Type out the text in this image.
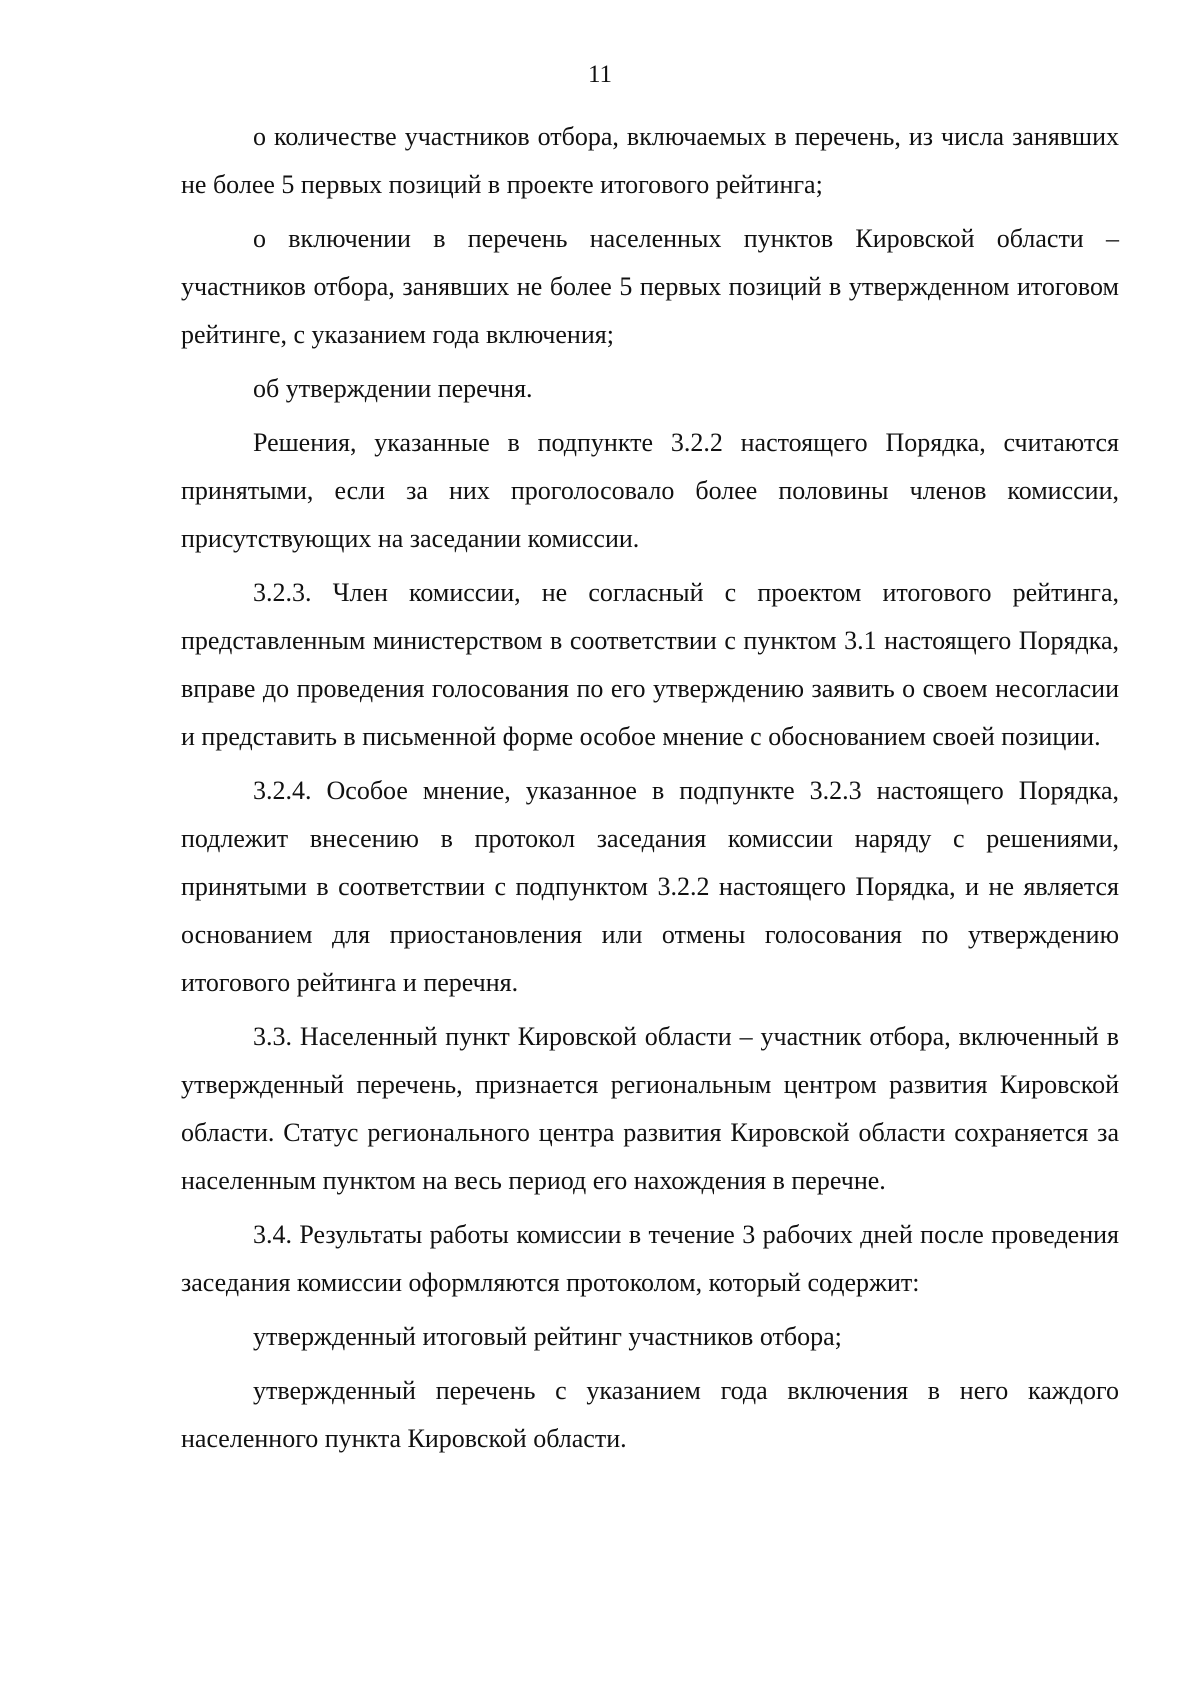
11

о количестве участников отбора, включаемых в перечень, из числа занявших не более 5 первых позиций в проекте итогового рейтинга;

о включении в перечень населенных пунктов Кировской области – участников отбора, занявших не более 5 первых позиций в утвержденном итоговом рейтинге, с указанием года включения;

об утверждении перечня.

Решения, указанные в подпункте 3.2.2 настоящего Порядка, считаются принятыми, если за них проголосовало более половины членов комиссии, присутствующих на заседании комиссии.

3.2.3. Член комиссии, не согласный с проектом итогового рейтинга, представленным министерством в соответствии с пунктом 3.1 настоящего Порядка, вправе до проведения голосования по его утверждению заявить о своем несогласии и представить в письменной форме особое мнение с обоснованием своей позиции.

3.2.4. Особое мнение, указанное в подпункте 3.2.3 настоящего Порядка, подлежит внесению в протокол заседания комиссии наряду с решениями, принятыми в соответствии с подпунктом 3.2.2 настоящего Порядка, и не является основанием для приостановления или отмены голосования по утверждению итогового рейтинга и перечня.

3.3. Населенный пункт Кировской области – участник отбора, включенный в утвержденный перечень, признается региональным центром развития Кировской области. Статус регионального центра развития Кировской области сохраняется за населенным пунктом на весь период его нахождения в перечне.

3.4. Результаты работы комиссии в течение 3 рабочих дней после проведения заседания комиссии оформляются протоколом, который содержит:

утвержденный итоговый рейтинг участников отбора;

утвержденный перечень с указанием года включения в него каждого населенного пункта Кировской области.
